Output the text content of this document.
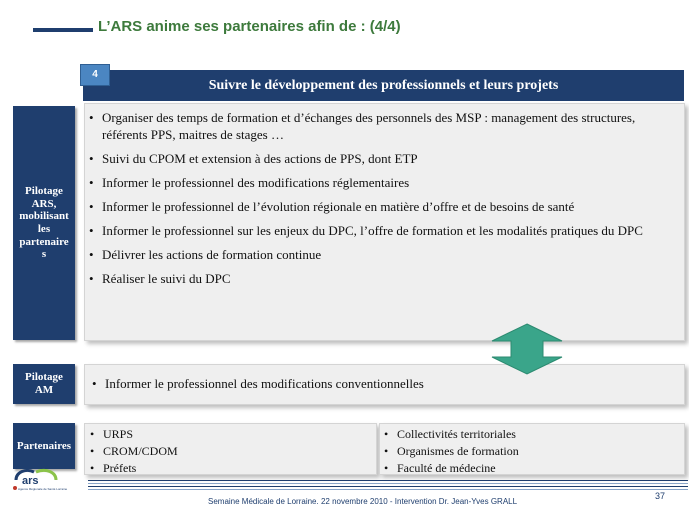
L’ARS anime ses partenaires afin de : (4/4)
Suivre le développement des professionnels et leurs projets
4
Pilotage
ARS,
mobilisant
les
partenaire
s
Pilotage
AM
Partenaires
• Organiser des temps de formation et d’échanges des personnels des MSP : management des structures, référents PPS, maitres de stages …
• Suivi du CPOM et extension à des actions de PPS, dont ETP
• Informer le professionnel des modifications réglementaires
• Informer le professionnel de l’évolution régionale en matière d’offre et de besoins de santé
• Informer le professionnel sur les enjeux du DPC, l’offre de formation et les modalités pratiques du DPC
• Délivrer les actions de formation continue
• Réaliser le suivi du DPC
• Informer le professionnel des modifications conventionnelles
• URPS
• CROM/CDOM
• Préfets
• Collectivités territoriales
• Organismes de formation
• Faculté de médecine
ars
Agence Régionale de Santé Lorraine
Semaine Médicale de Lorraine. 22 novembre 2010 - Intervention Dr. Jean-Yves GRALL
37
